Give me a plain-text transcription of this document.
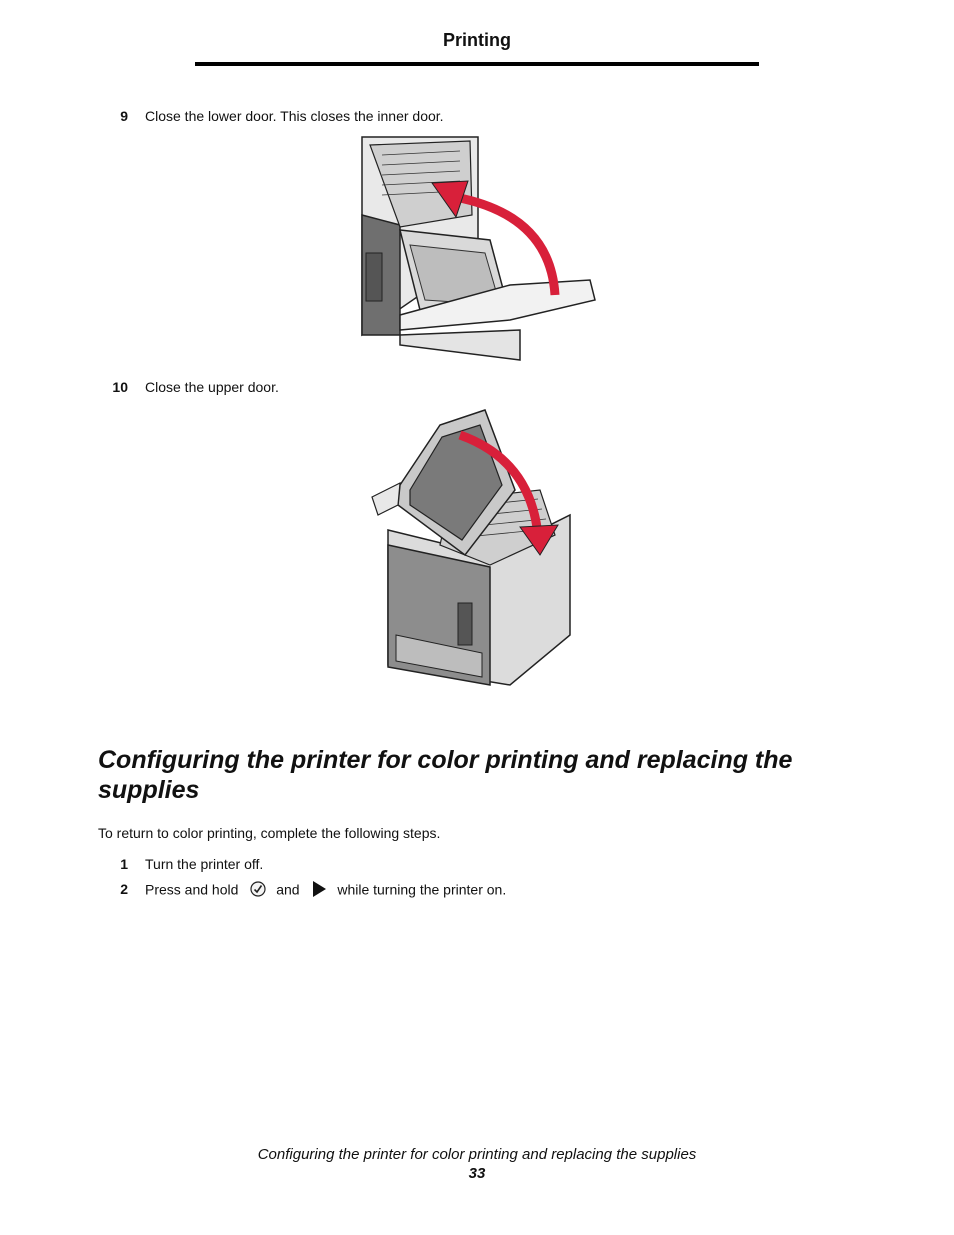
Printing
9	Close the lower door. This closes the inner door.
10	Close the upper door.
Configuring the printer for color printing and replacing the supplies
To return to color printing, complete the following steps.
1	Turn the printer off.
2	Press and hold	and	while turning the printer on.
Configuring the printer for color printing and replacing the supplies
33
